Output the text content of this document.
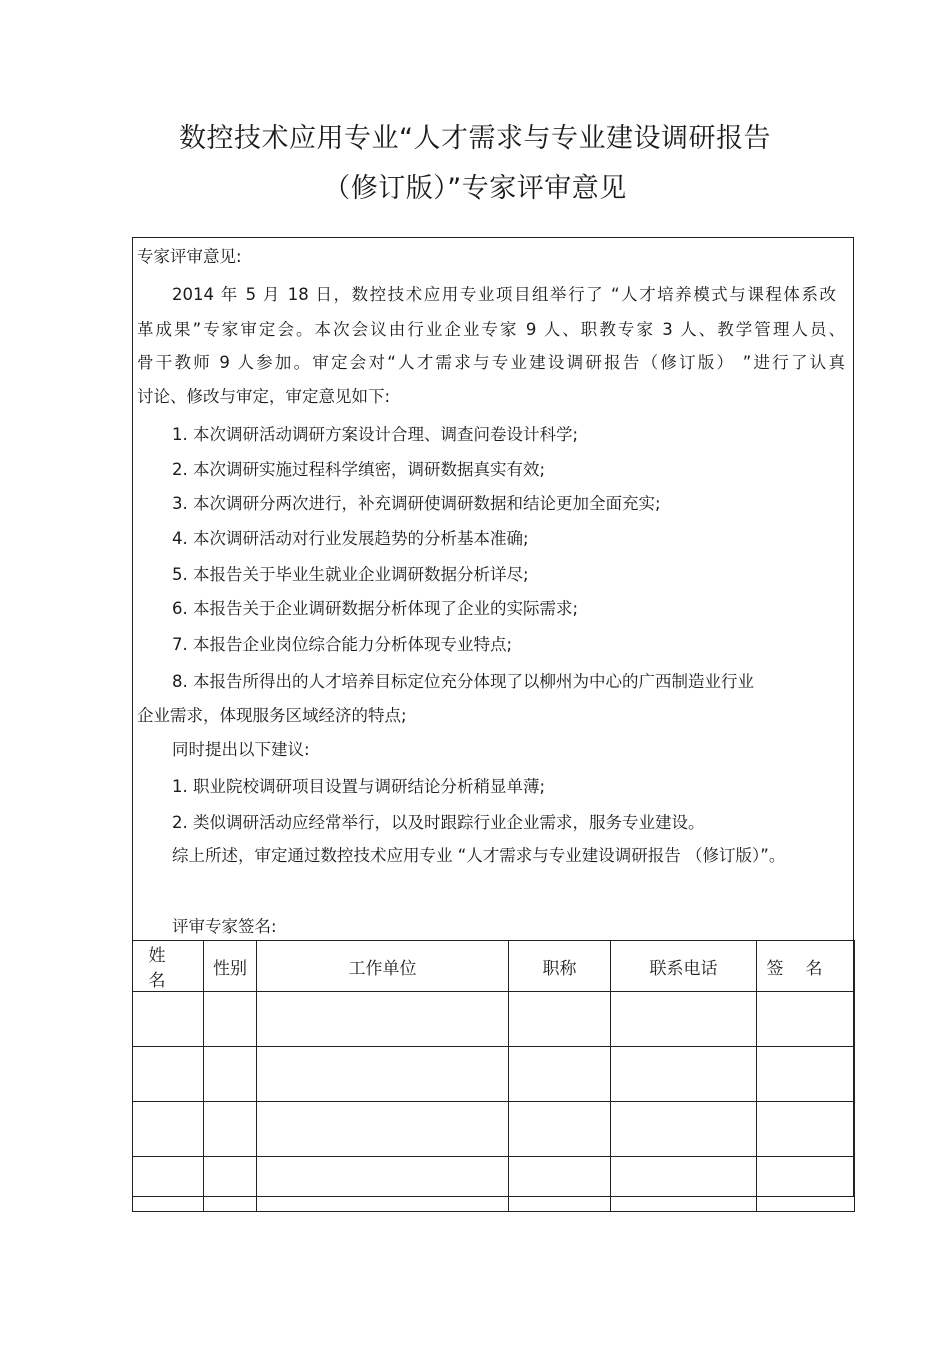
数控技术应用专业“人才需求与专业建设调研报告
（修订版）”专家评审意见
专家评审意见:
2014 年 5 月 18 日，数控技术应用专业项目组举行了 “人才培养模式与课程体系改
革成果”专家审定会。本次会议由行业企业专家 9 人、职教专家 3 人、教学管理人员、
骨干教师 9 人参加。审定会对“人才需求与专业建设调研报告（修订版） ”进行了认真
讨论、修改与审定，审定意见如下:
1. 本次调研活动调研方案设计合理、调查问卷设计科学;
2. 本次调研实施过程科学缜密，调研数据真实有效;
3. 本次调研分两次进行，补充调研使调研数据和结论更加全面充实;
4. 本次调研活动对行业发展趋势的分析基本准确;
5. 本报告关于毕业生就业企业调研数据分析详尽;
6. 本报告关于企业调研数据分析体现了企业的实际需求;
7. 本报告企业岗位综合能力分析体现专业特点;
8. 本报告所得出的人才培养目标定位充分体现了以柳州为中心的广西制造业行业
企业需求，体现服务区域经济的特点;
同时提出以下建议:
1. 职业院校调研项目设置与调研结论分析稍显单薄;
2. 类似调研活动应经常举行，以及时跟踪行业企业需求，服务专业建设。
综上所述，审定通过数控技术应用专业 “人才需求与专业建设调研报告 （修订版）”。
评审专家签名:
姓名	性别	工作单位	职称	联系电话	签名
